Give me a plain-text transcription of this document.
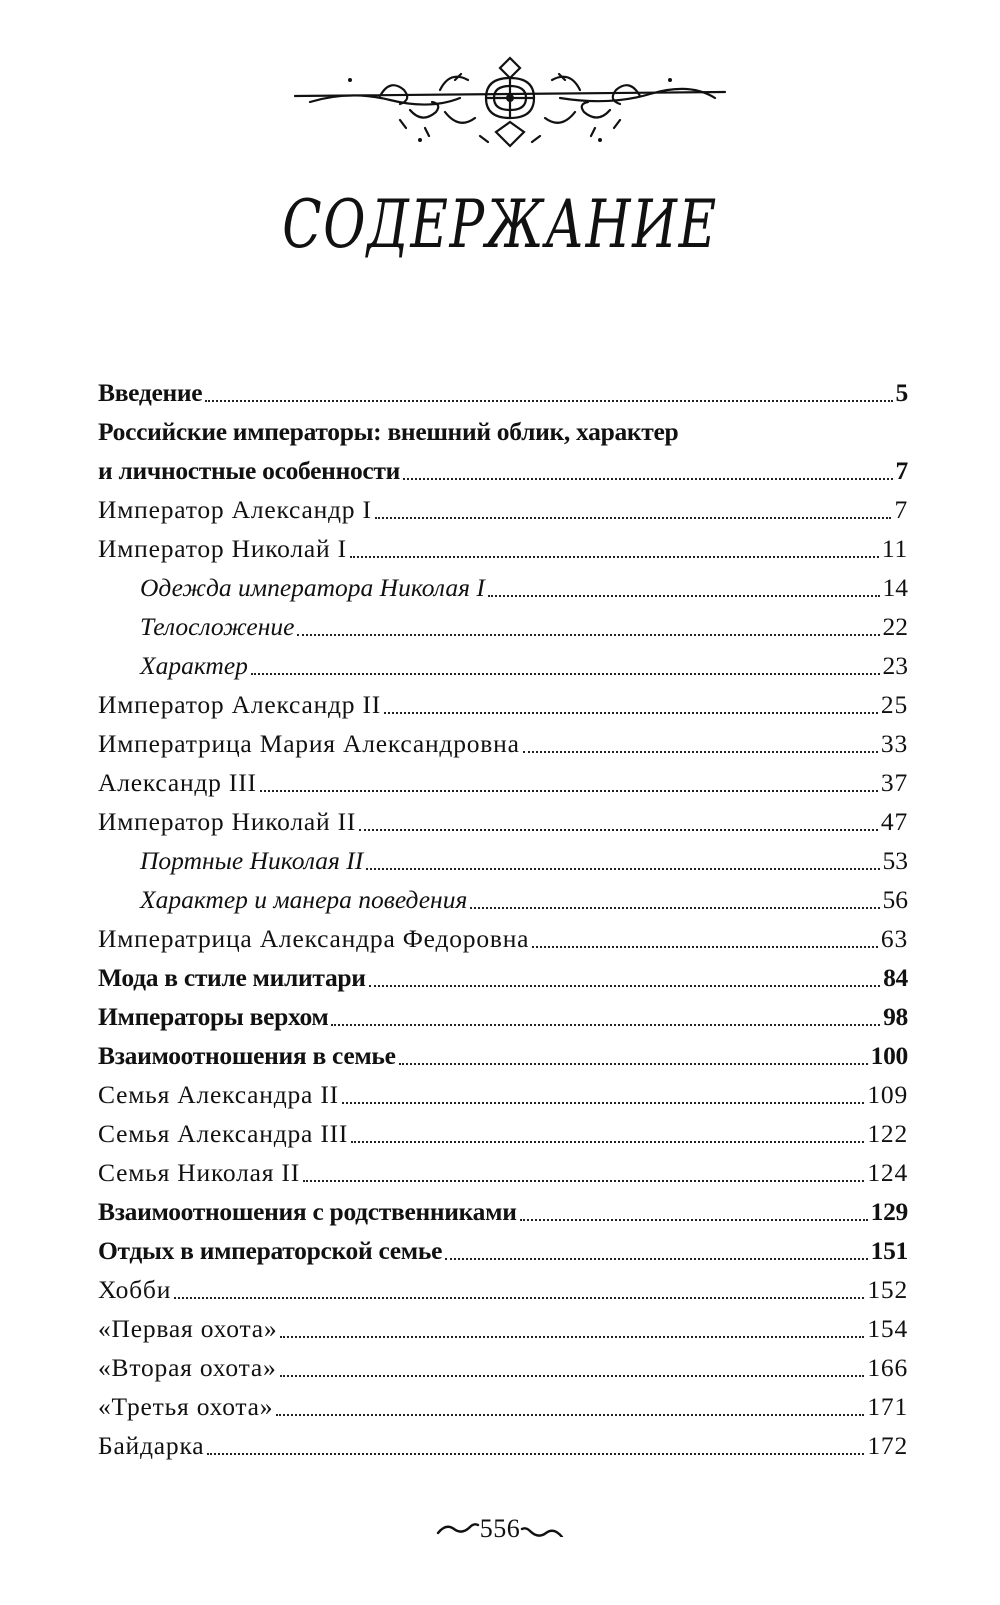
СОДЕРЖАНИЕ
Введение	5
Российские императоры: внешний облик, характер
и личностные особенности	7
Император Александр I	7
Император Николай I	11
Одежда императора Николая I	14
Телосложение	22
Характер	23
Император Александр II	25
Императрица Мария Александровна	33
Александр III	37
Император Николай II	47
Портные Николая II	53
Характер и манера поведения	56
Императрица Александра Федоровна	63
Мода в стиле милитари	84
Императоры верхом	98
Взаимоотношения в семье	100
Семья Александра II	109
Семья Александра III	122
Семья Николая II	124
Взаимоотношения с родственниками	129
Отдых в императорской семье	151
Хобби	152
«Первая охота»	154
«Вторая охота»	166
«Третья охота»	171
Байдарка	172
556
